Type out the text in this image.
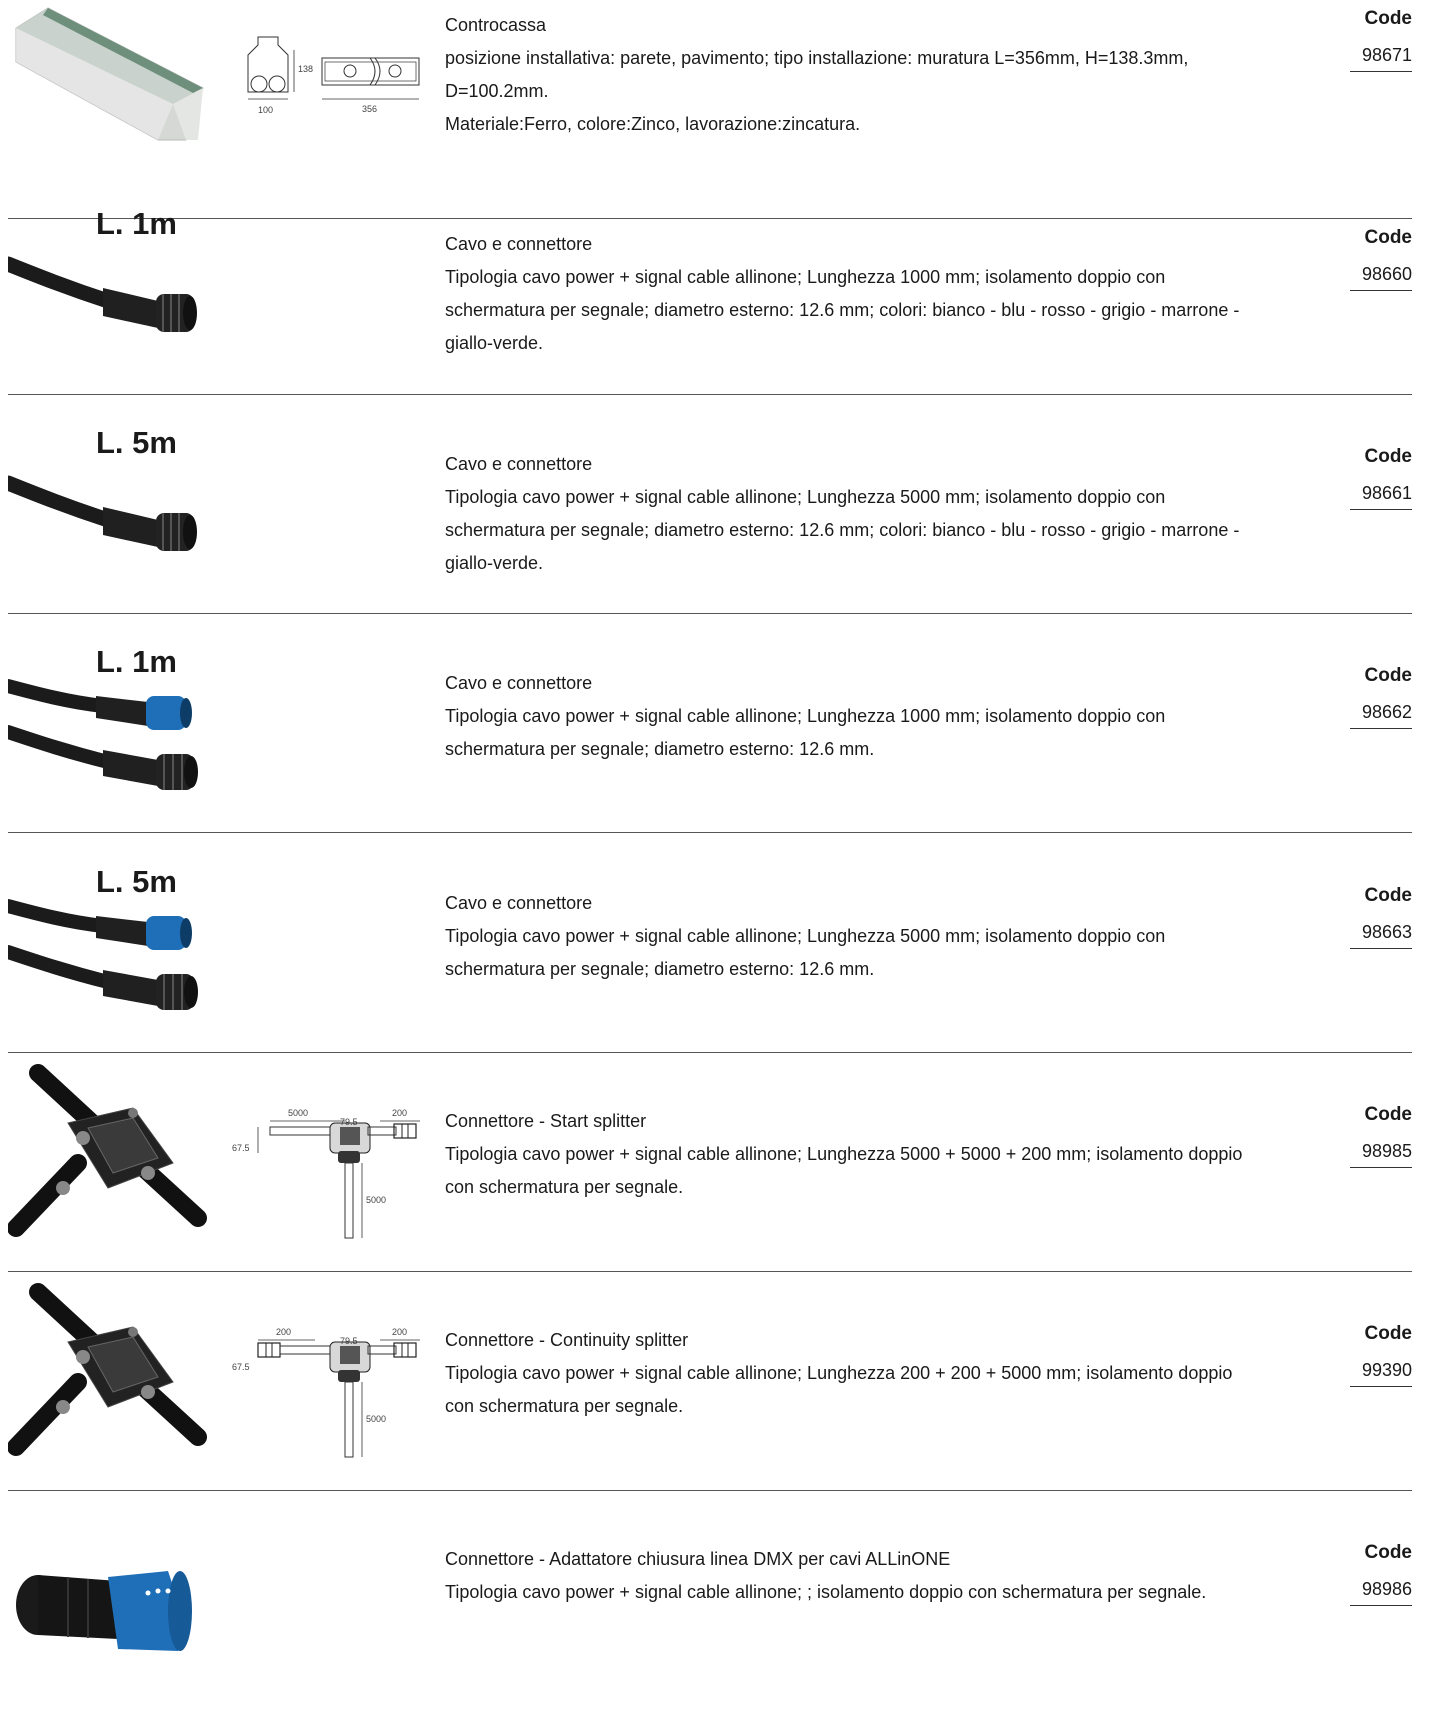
138
100	356

Controcassa

posizione installativa: parete, pavimento; tipo installazione: muratura L=356mm, H=138.3mm,

D=100.2mm.

Materiale:Ferro, colore:Zinco, lavorazione:zincatura.

Code
98671
L. 1m

Cavo e connettore

Tipologia cavo power + signal cable allinone; Lunghezza 1000 mm; isolamento doppio con

schermatura per segnale; diametro esterno: 12.6 mm; colori: bianco - blu - rosso - grigio - marrone -

giallo-verde.

Code
98660
L. 5m

Cavo e connettore

Tipologia cavo power + signal cable allinone; Lunghezza 5000 mm; isolamento doppio con

schermatura per segnale; diametro esterno: 12.6 mm; colori: bianco - blu - rosso - grigio - marrone -

giallo-verde.

Code
98661
L. 1m

Cavo e connettore

Tipologia cavo power + signal cable allinone; Lunghezza 1000 mm; isolamento doppio con

schermatura per segnale; diametro esterno: 12.6 mm.

Code
98662
L. 5m

Cavo e connettore

Tipologia cavo power + signal cable allinone; Lunghezza 5000 mm; isolamento doppio con

schermatura per segnale; diametro esterno: 12.6 mm.

Code
98663
5000
79.5
200
67.5
5000

Connettore - Start splitter

Tipologia cavo power + signal cable allinone; Lunghezza 5000 + 5000 + 200 mm; isolamento doppio

con schermatura per segnale.

Code
98985
200
79.5
200
67.5
5000

Connettore - Continuity splitter

Tipologia cavo power + signal cable allinone; Lunghezza 200 + 200 + 5000 mm; isolamento doppio

con schermatura per segnale.

Code
99390

Connettore - Adattatore chiusura linea DMX per cavi ALLinONE

Tipologia cavo power + signal cable allinone; ; isolamento doppio con schermatura per segnale.

Code
98986
